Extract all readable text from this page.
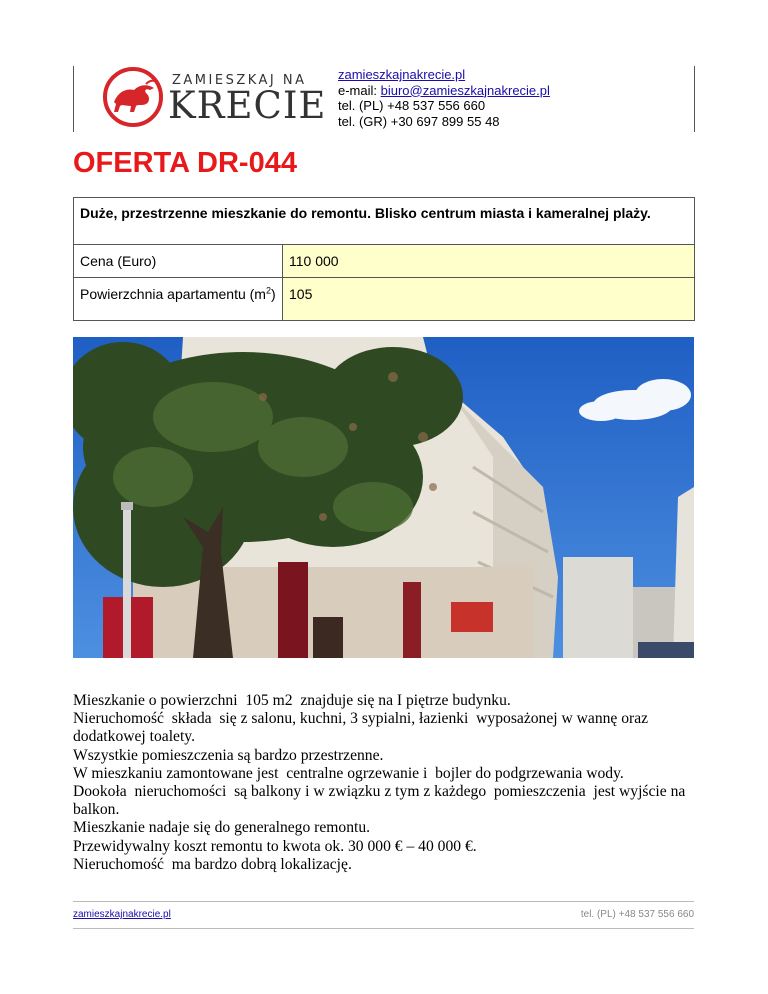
ZAMIESZKAJ NA
KRECIE
zamieszkajnakrecie.pl
e-mail: biuro@zamieszkajnakrecie.pl
tel. (PL) +48 537 556 660
tel. (GR) +30 697 899 55 48
OFERTA DR-044
Duże, przestrzenne mieszkanie do remontu. Blisko centrum miasta i kameralnej plaży.	
Cena (Euro)	110 000
Powierzchnia apartamentu $(m^2)$	105
Mieszkanie o powierzchni  105 m2  znajduje się na I piętrze budynku.
Nieruchomość  składa  się z salonu, kuchni, 3 sypialni, łazienki  wyposażonej w wannę oraz dodatkowej toalety.
Wszystkie pomieszczenia są bardzo przestrzenne.
W mieszkaniu zamontowane jest  centralne ogrzewanie i  bojler do podgrzewania wody.
Dookoła  nieruchomości  są balkony i w związku z tym z każdego  pomieszczenia  jest wyjście na balkon.
Mieszkanie nadaje się do generalnego remontu.
Przewidywalny koszt remontu to kwota ok. 30 000 € – 40 000 €.
Nieruchomość  ma bardzo dobrą lokalizację.
zamieszkajnakrecie.pl	tel. (PL) +48 537 556 660
